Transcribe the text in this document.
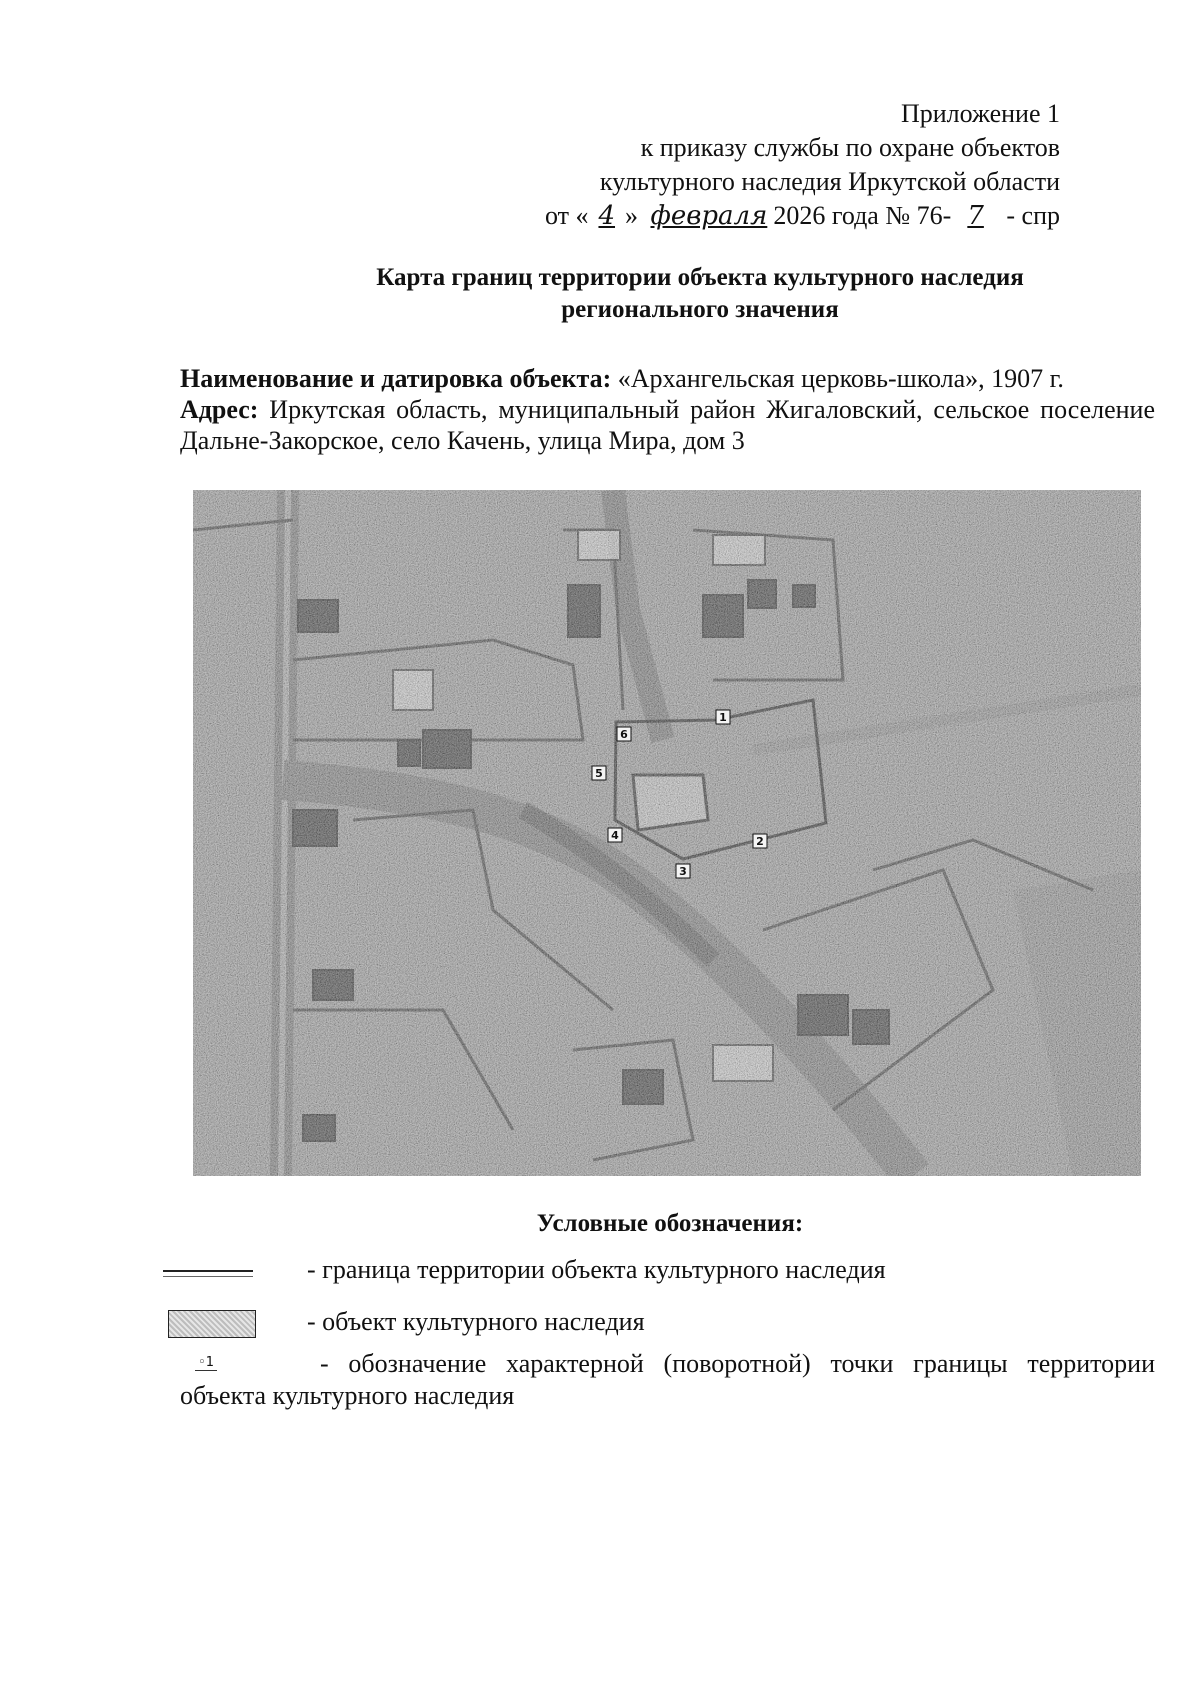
Приложение 1
к приказу службы по охране объектов
культурного наследия Иркутской области
от « 4 » февраля 2026 года № 76- 7 - спр
Карта границ территории объекта культурного наследия
регионального значения
Наименование и датировка объекта: «Архангельская церковь-школа», 1907 г.
Адрес: Иркутская область, муниципальный район Жигаловский, сельское поселение Дальне-Закорское, село Качень, улица Мира, дом 3
1
2
3
4
5
6
Условные обозначения:
- граница территории объекта культурного наследия
- объект культурного наследия
◦1	- обозначение характерной (поворотной) точки границы территории объекта культурного наследия
